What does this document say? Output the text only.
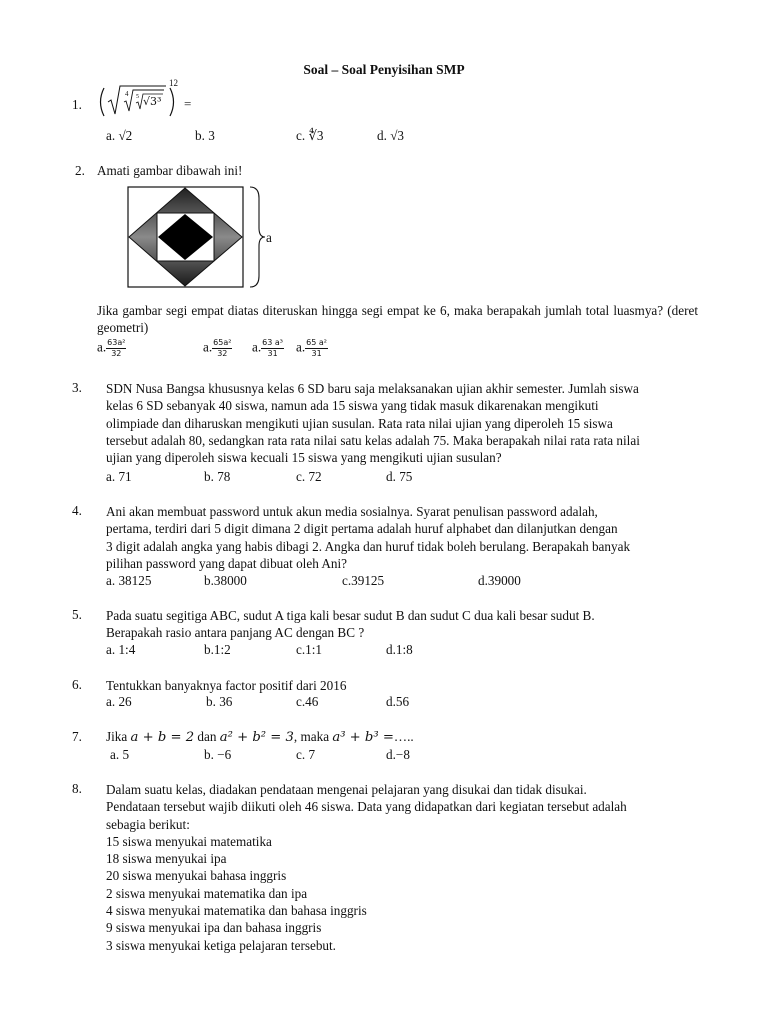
Soal – Soal Penyisihan SMP
1.
4 5 √3³
12
=
a. √2	b. 3	c. ∜3	d. √3
2. Amati gambar dibawah ini!
a
Jika gambar segi empat diatas diteruskan hingga segi empat ke 6, maka berapakah jumlah total luasmya? (deret geometri)
a. $\frac{\text{63a²}}{32}$	a. $\frac{\text{65a²}}{32} a$. $\frac{\text{63 a³}}{31} a$. $\frac{\text{65 a²}}{31}$
3. SDN Nusa Bangsa khususnya kelas 6 SD baru saja melaksanakan ujian akhir semester. Jumlah siswa
kelas 6 SD sebanyak 40 siswa, namun ada 15 siswa yang tidak masuk dikarenakan mengikuti
olimpiade dan diharuskan mengikuti ujian susulan. Rata rata nilai ujian yang diperoleh 15 siswa
tersebut adalah 80, sedangkan rata rata nilai satu kelas adalah 75. Maka berapakah nilai rata rata nilai
ujian yang diperoleh siswa kecuali 15 siswa yang mengikuti ujian susulan?
a. 71	b. 78	c. 72	d. 75
4. Ani akan membuat password untuk akun media sosialnya. Syarat penulisan password adalah,
pertama, terdiri dari 5 digit dimana 2 digit pertama adalah huruf alphabet dan dilanjutkan dengan
3 digit adalah angka yang habis dibagi 2. Angka dan huruf tidak boleh berulang. Berapakah banyak
pilihan password yang dapat dibuat oleh Ani?
a. 38125	b.38000	c.39125	d.39000
5. Pada suatu segitiga ABC, sudut A tiga kali besar sudut B dan sudut C dua kali besar sudut B.
Berapakah rasio antara panjang AC dengan BC ?
a. 1:4	b.1:2	c.1:1	d.1:8
6. Tentukkan banyaknya factor positif dari 2016
a. 26	b. 36	c.46	d.56
7. Jika a + b = 2 dan a² + b² = 3, maka a³ + b³ =…..
a. 5	b. −6	c. 7	d.−8
8. Dalam suatu kelas, diadakan pendataan mengenai pelajaran yang disukai dan tidak disukai.
Pendataan tersebut wajib diikuti oleh 46 siswa. Data yang didapatkan dari kegiatan tersebut adalah
sebagia berikut:
15 siswa menyukai matematika
18 siswa menyukai ipa
20 siswa menyukai bahasa inggris
2 siswa menyukai matematika dan ipa
4 siswa menyukai matematika dan bahasa inggris
9 siswa menyukai ipa dan bahasa inggris
3 siswa menyukai ketiga pelajaran tersebut.
